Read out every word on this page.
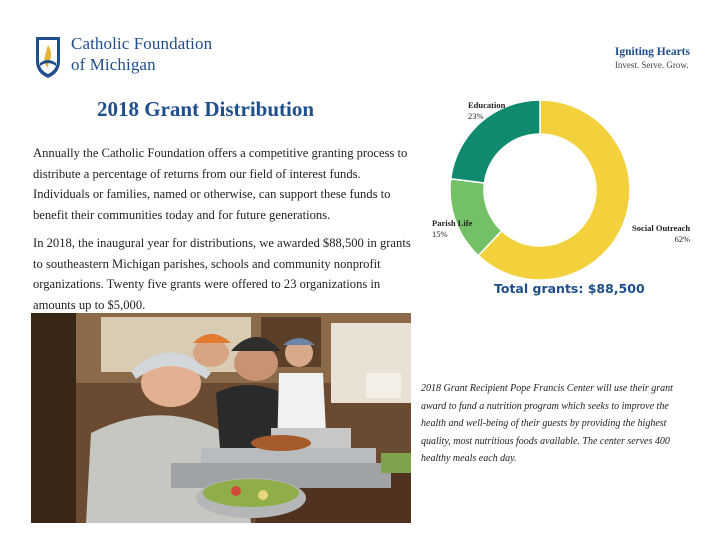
Catholic Foundation
of Michigan
Igniting Hearts
Invest. Serve. Grow.
2018 Grant Distribution
Annually the Catholic Foundation offers a competitive granting process to distribute a percentage of returns from our field of interest funds. Individuals or families, named or otherwise, can support these funds to benefit their communities today and for future generations.
In 2018, the inaugural year for distributions, we awarded $88,500 in grants to southeastern Michigan parishes, schools and community nonprofit organizations. Twenty five grants were offered to 23 organizations in amounts up to $5,000.
Education
23%
Parish Life
15%
Social Outreach
62%
Total grants: $88,500
2018 Grant Recipient Pope Francis Center will use their grant award to fund a nutrition program which seeks to improve the health and well-being of their guests by providing the highest quality, most nutritious foods available. The center serves 400 healthy meals each day.
